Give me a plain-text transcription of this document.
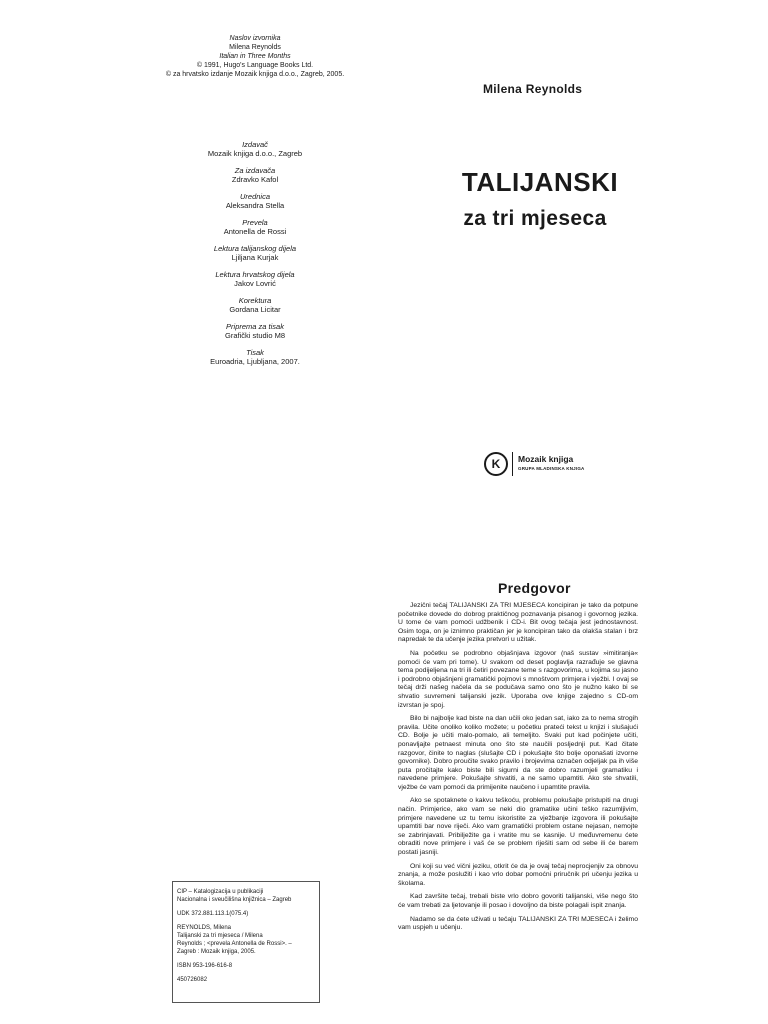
Naslov izvornika
Milena Reynolds
Italian in Three Months
© 1991, Hugo's Language Books Ltd.
© za hrvatsko izdanje Mozaik knjiga d.o.o., Zagreb, 2005.
Milena Reynolds
TALIJANSKI
za tri mjeseca
Izdavač
Mozaik knjiga d.o.o., Zagreb
Za izdavača
Zdravko Kafol
Urednica
Aleksandra Stella
Prevela
Antonella de Rossi
Lektura talijanskog dijela
Ljiljana Kurjak
Lektura hrvatskog dijela
Jakov Lovrić
Korektura
Gordana Licitar
Priprema za tisak
Grafički studio M8
Tisak
Euroadria, Ljubljana, 2007.
K	Mozaik knjiga
GRUPA MLADINSKA KNJIGA
CIP – Katalogizacija u publikaciji
Nacionalna i sveučilišna knjižnica – Zagreb
UDK 372.881.113.1(075.4)
REYNOLDS, Milena
Talijanski za tri mjeseca / Milena
Reynolds ; <prevela Antonella de Rossi>. –
Zagreb : Mozaik knjiga, 2005.
ISBN 953-196-616-8
450726082
Predgovor

Jezični tečaj TALIJANSKI ZA TRI MJESECA koncipiran je tako da potpune početnike dovede do dobrog praktičnog poznavanja pisanog i govornog jezika. U tome će vam pomoći udžbenik i CD-i. Bit ovog tečaja jest jednostavnost. Osim toga, on je iznimno praktičan jer je koncipiran tako da olakša stalan i brz napredak te da učenje jezika pretvori u užitak.

Na početku se podrobno objašnjava izgovor (naš sustav »imitiranja« pomoći će vam pri tome). U svakom od deset poglavlja razrađuje se glavna tema podijeljena na tri ili četiri povezane teme s razgovorima, u kojima su jasno i podrobno objašnjeni gramatički pojmovi s mnoštvom primjera i vježbi. I ovaj se tečaj drži našeg načela da se podučava samo ono što je nužno kako bi se shvatio suvremeni talijanski jezik. Uporaba ove knjige zajedno s CD-om izvrstan je spoj.

Bilo bi najbolje kad biste na dan učili oko jedan sat, iako za to nema strogih pravila. Učite onoliko koliko možete; u početku prateći tekst u knjizi i slušajući CD. Bolje je učiti malo-pomalo, ali temeljito. Svaki put kad počinjete učiti, ponavljajte petnaest minuta ono što ste naučili posljednji put. Kad čitate razgovor, činite to naglas (slušajte CD i pokušajte što bolje oponašati izvorne govornike). Dobro proučite svako pravilo i brojevima označen odjeljak pa ih više puta pročitajte kako biste bili sigurni da ste dobro razumjeli gramatiku i navedene primjere. Pokušajte shvatiti, a ne samo upamtiti. Ako ste shvatili, vježbe će vam pomoći da primijenite naučeno i upamtite pravila.

Ako se spotaknete o kakvu teškoću, problemu pokušajte pristupiti na drugi način. Primjerice, ako vam se neki dio gramatike učini teško razumljivim, primjere navedene uz tu temu iskoristite za vježbanje izgovora ili pokušajte upamtiti bar nove riječi. Ako vam gramatički problem ostane nejasan, nemojte se zabrinjavati. Pribilježite ga i vratite mu se kasnije. U međuvremenu ćete obraditi nove primjere i vaš će se problem riješiti sam od sebe ili će barem postati jasniji.

Oni koji su već vični jeziku, otkrit će da je ovaj tečaj neprocjenjiv za obnovu znanja, a može poslužiti i kao vrlo dobar pomoćni priručnik pri učenju jezika u školama.

Kad završite tečaj, trebali biste vrlo dobro govoriti talijanski, više nego što će vam trebati za ljetovanje ili posao i dovoljno da biste polagali ispit znanja.

Nadamo se da ćete uživati u tečaju TALIJANSKI ZA TRI MJESECA i želimo vam uspjeh u učenju.
